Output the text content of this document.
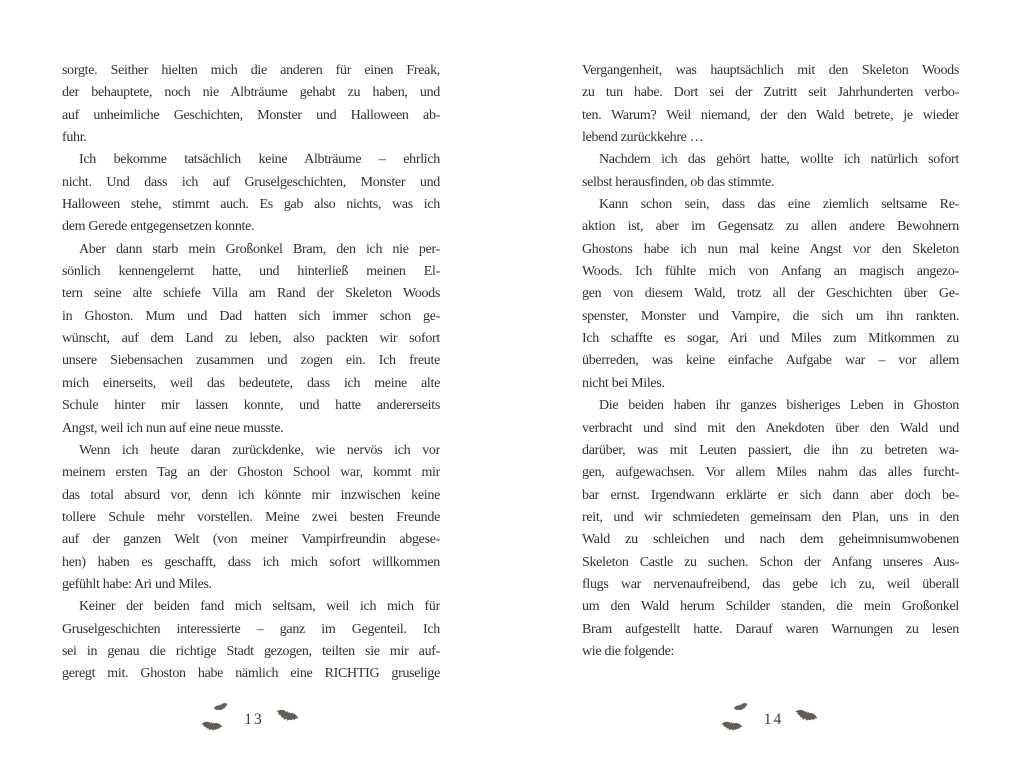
sorgte. Seither hielten mich die anderen für einen Freak,
der behauptete, noch nie Albträume gehabt zu haben, und
auf unheimliche Geschichten, Monster und Halloween ab-
fuhr.
Ich bekomme tatsächlich keine Albträume – ehrlich
nicht. Und dass ich auf Gruselgeschichten, Monster und
Halloween stehe, stimmt auch. Es gab also nichts, was ich
dem Gerede entgegensetzen konnte.
Aber dann starb mein Großonkel Bram, den ich nie per-
sönlich kennengelernt hatte, und hinterließ meinen El-
tern seine alte schiefe Villa am Rand der Skeleton Woods
in Ghoston. Mum und Dad hatten sich immer schon ge-
wünscht, auf dem Land zu leben, also packten wir sofort
unsere Siebensachen zusammen und zogen ein. Ich freute
mich einerseits, weil das bedeutete, dass ich meine alte
Schule hinter mir lassen konnte, und hatte andererseits
Angst, weil ich nun auf eine neue musste.
Wenn ich heute daran zurückdenke, wie nervös ich vor
meinem ersten Tag an der Ghoston School war, kommt mir
das total absurd vor, denn ich könnte mir inzwischen keine
tollere Schule mehr vorstellen. Meine zwei besten Freunde
auf der ganzen Welt (von meiner Vampirfreundin abgese-
hen) haben es geschafft, dass ich mich sofort willkommen
gefühlt habe: Ari und Miles.
Keiner der beiden fand mich seltsam, weil ich mich für
Gruselgeschichten interessierte – ganz im Gegenteil. Ich
sei in genau die richtige Stadt gezogen, teilten sie mir auf-
geregt mit. Ghoston habe nämlich eine RICHTIG gruselige
13
Vergangenheit, was hauptsächlich mit den Skeleton Woods
zu tun habe. Dort sei der Zutritt seit Jahrhunderten verbo-
ten. Warum? Weil niemand, der den Wald betrete, je wieder
lebend zurückkehre …
Nachdem ich das gehört hatte, wollte ich natürlich sofort
selbst herausfinden, ob das stimmte.
Kann schon sein, dass das eine ziemlich seltsame Re-
aktion ist, aber im Gegensatz zu allen andere Bewohnern
Ghostons habe ich nun mal keine Angst vor den Skeleton
Woods. Ich fühlte mich von Anfang an magisch angezo-
gen von diesem Wald, trotz all der Geschichten über Ge-
spenster, Monster und Vampire, die sich um ihn rankten.
Ich schaffte es sogar, Ari und Miles zum Mitkommen zu
überreden, was keine einfache Aufgabe war – vor allem
nicht bei Miles.
Die beiden haben ihr ganzes bisheriges Leben in Ghoston
verbracht und sind mit den Anekdoten über den Wald und
darüber, was mit Leuten passiert, die ihn zu betreten wa-
gen, aufgewachsen. Vor allem Miles nahm das alles furcht-
bar ernst. Irgendwann erklärte er sich dann aber doch be-
reit, und wir schmiedeten gemeinsam den Plan, uns in den
Wald zu schleichen und nach dem geheimnisumwobenen
Skeleton Castle zu suchen. Schon der Anfang unseres Aus-
flugs war nervenaufreibend, das gebe ich zu, weil überall
um den Wald herum Schilder standen, die mein Großonkel
Bram aufgestellt hatte. Darauf waren Warnungen zu lesen
wie die folgende:
14
